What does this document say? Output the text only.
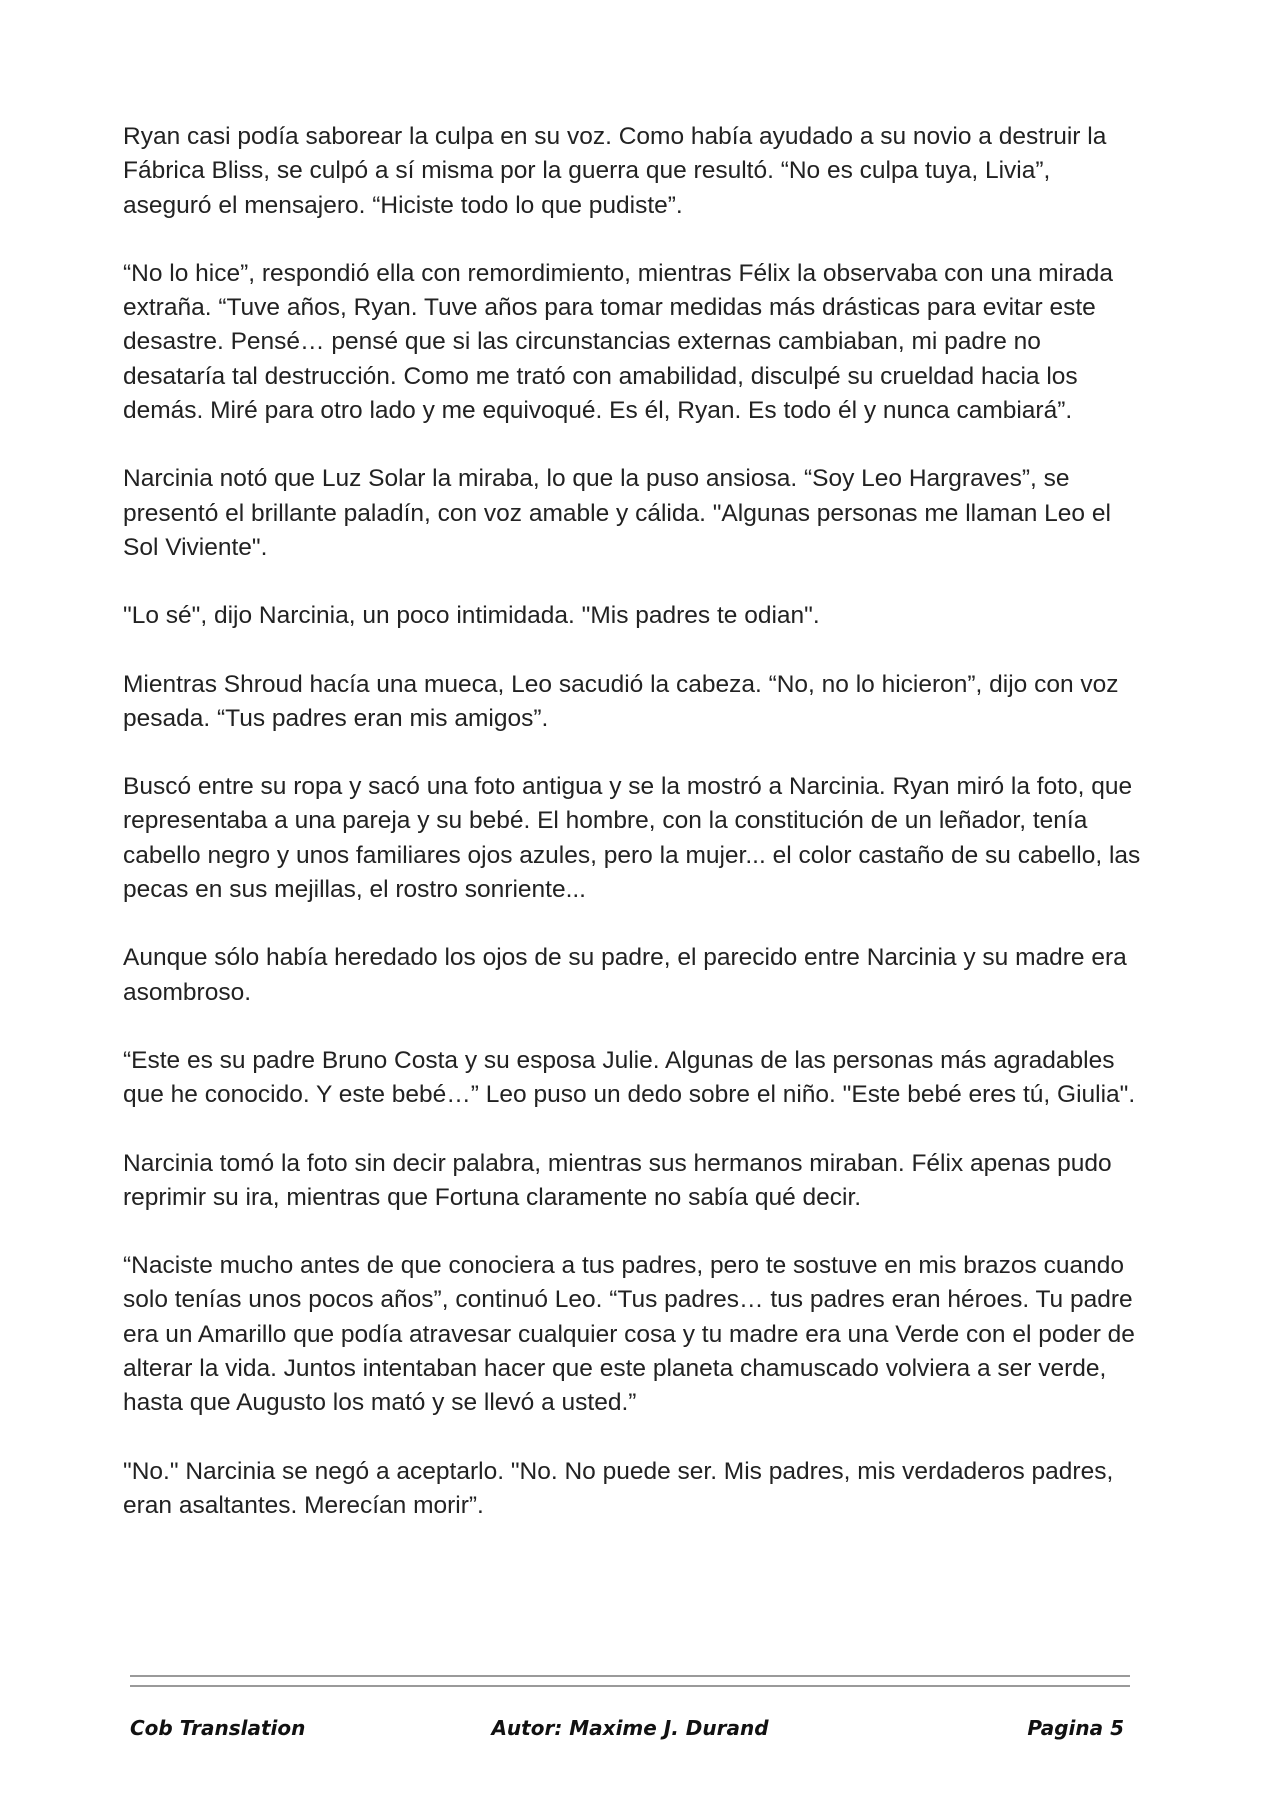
Ryan casi podía saborear la culpa en su voz. Como había ayudado a su novio a destruir la Fábrica Bliss, se culpó a sí misma por la guerra que resultó. “No es culpa tuya, Livia”, aseguró el mensajero. “Hiciste todo lo que pudiste”.

“No lo hice”, respondió ella con remordimiento, mientras Félix la observaba con una mirada extraña. “Tuve años, Ryan. Tuve años para tomar medidas más drásticas para evitar este desastre. Pensé… pensé que si las circunstancias externas cambiaban, mi padre no desataría tal destrucción. Como me trató con amabilidad, disculpé su crueldad hacia los demás. Miré para otro lado y me equivoqué. Es él, Ryan. Es todo él y nunca cambiará”.

Narcinia notó que Luz Solar la miraba, lo que la puso ansiosa. “Soy Leo Hargraves”, se presentó el brillante paladín, con voz amable y cálida. "Algunas personas me llaman Leo el Sol Viviente".

"Lo sé", dijo Narcinia, un poco intimidada. "Mis padres te odian".

Mientras Shroud hacía una mueca, Leo sacudió la cabeza. “No, no lo hicieron”, dijo con voz pesada. “Tus padres eran mis amigos”.

Buscó entre su ropa y sacó una foto antigua y se la mostró a Narcinia. Ryan miró la foto, que representaba a una pareja y su bebé. El hombre, con la constitución de un leñador, tenía cabello negro y unos familiares ojos azules, pero la mujer... el color castaño de su cabello, las pecas en sus mejillas, el rostro sonriente...

Aunque sólo había heredado los ojos de su padre, el parecido entre Narcinia y su madre era asombroso.

“Este es su padre Bruno Costa y su esposa Julie. Algunas de las personas más agradables que he conocido. Y este bebé…” Leo puso un dedo sobre el niño. "Este bebé eres tú, Giulia".

Narcinia tomó la foto sin decir palabra, mientras sus hermanos miraban. Félix apenas pudo reprimir su ira, mientras que Fortuna claramente no sabía qué decir.

“Naciste mucho antes de que conociera a tus padres, pero te sostuve en mis brazos cuando solo tenías unos pocos años”, continuó Leo. “Tus padres… tus padres eran héroes. Tu padre era un Amarillo que podía atravesar cualquier cosa y tu madre era una Verde con el poder de alterar la vida. Juntos intentaban hacer que este planeta chamuscado volviera a ser verde, hasta que Augusto los mató y se llevó a usted.”

"No." Narcinia se negó a aceptarlo. "No. No puede ser. Mis padres, mis verdaderos padres, eran asaltantes. Merecían morir”.

Cob Translation	Autor: Maxime J. Durand	Pagina 5
